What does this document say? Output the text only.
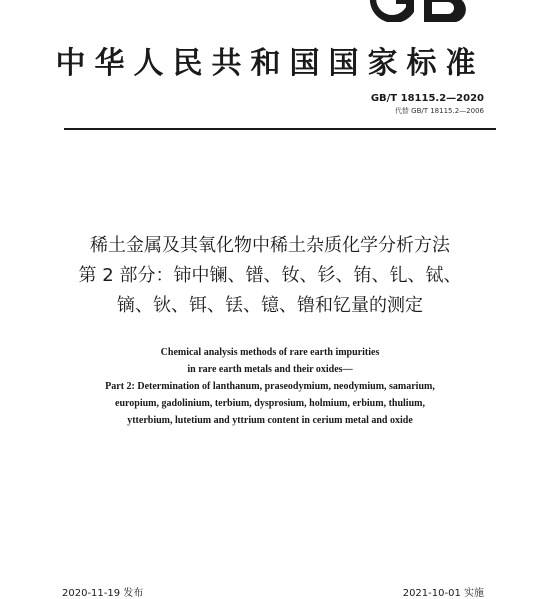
中华人民共和国国家标准
GB/T 18115.2—2020
代替 GB/T 18115.2—2006
稀土金属及其氧化物中稀土杂质化学分析方法
第 2 部分：铈中镧、镨、钕、钐、铕、钆、铽、
镝、钬、铒、铥、镱、镥和钇量的测定
Chemical analysis methods of rare earth impurities
in rare earth metals and their oxides—
Part 2: Determination of lanthanum, praseodymium, neodymium, samarium,
europium, gadolinium, terbium, dysprosium, holmium, erbium, thulium,
ytterbium, lutetium and yttrium content in cerium metal and oxide
2020-11-19 发布	2021-10-01 实施
